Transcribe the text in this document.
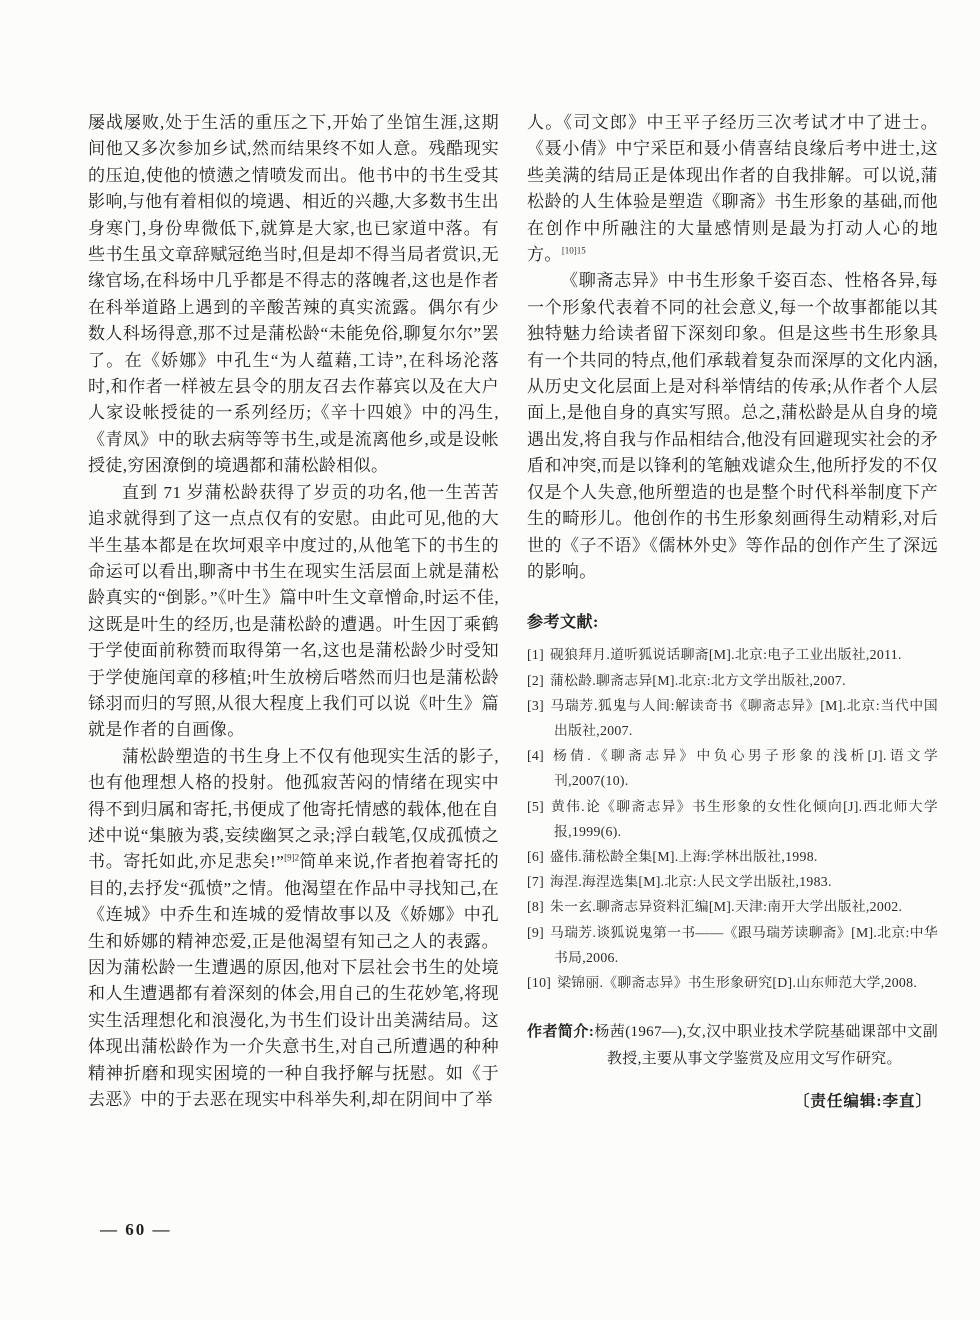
屡战屡败,处于生活的重压之下,开始了坐馆生涯,这期间他又多次参加乡试,然而结果终不如人意。残酷现实的压迫,使他的愤懑之情喷发而出。他书中的书生受其影响,与他有着相似的境遇、相近的兴趣,大多数书生出身寒门,身份卑微低下,就算是大家,也已家道中落。有些书生虽文章辞赋冠绝当时,但是却不得当局者赏识,无缘官场,在科场中几乎都是不得志的落魄者,这也是作者在科举道路上遇到的辛酸苦辣的真实流露。偶尔有少数人科场得意,那不过是蒲松龄“未能免俗,聊复尔尔”罢了。在《娇娜》中孔生“为人蕴藉,工诗”,在科场沦落时,和作者一样被左县令的朋友召去作幕宾以及在大户人家设帐授徒的一系列经历;《辛十四娘》中的冯生,《青凤》中的耿去病等等书生,或是流离他乡,或是设帐授徒,穷困潦倒的境遇都和蒲松龄相似。

直到 71 岁蒲松龄获得了岁贡的功名,他一生苦苦追求就得到了这一点点仅有的安慰。由此可见,他的大半生基本都是在坎坷艰辛中度过的,从他笔下的书生的命运可以看出,聊斋中书生在现实生活层面上就是蒲松龄真实的“倒影。”《叶生》篇中叶生文章憎命,时运不佳,这既是叶生的经历,也是蒲松龄的遭遇。叶生因丁乘鹤于学使面前称赞而取得第一名,这也是蒲松龄少时受知于学使施闰章的移植;叶生放榜后嗒然而归也是蒲松龄铩羽而归的写照,从很大程度上我们可以说《叶生》篇就是作者的自画像。

蒲松龄塑造的书生身上不仅有他现实生活的影子,也有他理想人格的投射。他孤寂苦闷的情绪在现实中得不到归属和寄托,书便成了他寄托情感的载体,他在自述中说“集腋为裘,妄续幽冥之录;浮白载笔,仅成孤愤之书。寄托如此,亦足悲矣!”$^{[9]2}$简单来说,作者抱着寄托的目的,去抒发“孤愤”之情。他渴望在作品中寻找知己,在《连城》中乔生和连城的爱情故事以及《娇娜》中孔生和娇娜的精神恋爱,正是他渴望有知己之人的表露。因为蒲松龄一生遭遇的原因,他对下层社会书生的处境和人生遭遇都有着深刻的体会,用自己的生花妙笔,将现实生活理想化和浪漫化,为书生们设计出美满结局。这体现出蒲松龄作为一介失意书生,对自己所遭遇的种种精神折磨和现实困境的一种自我抒解与抚慰。如《于去恶》中的于去恶在现实中科举失利,却在阴间中了举

人。《司文郎》中王平子经历三次考试才中了进士。《聂小倩》中宁采臣和聂小倩喜结良缘后考中进士,这些美满的结局正是体现出作者的自我排解。可以说,蒲松龄的人生体验是塑造《聊斋》书生形象的基础,而他在创作中所融注的大量感情则是最为打动人心的地方。$^{[10]15}$

《聊斋志异》中书生形象千姿百态、性格各异,每一个形象代表着不同的社会意义,每一个故事都能以其独特魅力给读者留下深刻印象。但是这些书生形象具有一个共同的特点,他们承载着复杂而深厚的文化内涵,从历史文化层面上是对科举情结的传承;从作者个人层面上,是他自身的真实写照。总之,蒲松龄是从自身的境遇出发,将自我与作品相结合,他没有回避现实社会的矛盾和冲突,而是以锋利的笔触戏谑众生,他所抒发的不仅仅是个人失意,他所塑造的也是整个时代科举制度下产生的畸形儿。他创作的书生形象刻画得生动精彩,对后世的《子不语》《儒林外史》等作品的创作产生了深远的影响。

参考文献:

[1] 砚狼拜月.道听狐说话聊斋[M].北京:电子工业出版社,2011.

[2] 蒲松龄.聊斋志异[M].北京:北方文学出版社,2007.

[3] 马瑞芳.狐鬼与人间:解读奇书《聊斋志异》[M].北京:当代中国出版社,2007.

[4] 杨倩.《聊斋志异》中负心男子形象的浅析[J].语文学刊,2007(10).

[5] 黄伟.论《聊斋志异》书生形象的女性化倾向[J].西北师大学报,1999(6).

[6] 盛伟.蒲松龄全集[M].上海:学林出版社,1998.

[7] 海涅.海涅选集[M].北京:人民文学出版社,1983.

[8] 朱一玄.聊斋志异资料汇编[M].天津:南开大学出版社,2002.

[9] 马瑞芳.谈狐说鬼第一书——《跟马瑞芳读聊斋》[M].北京:中华书局,2006.

[10] 梁锦丽.《聊斋志异》书生形象研究[D].山东师范大学,2008.

作者简介:杨茜(1967—),女,汉中职业技术学院基础课部中文副教授,主要从事文学鉴赏及应用文写作研究。
〔责任编辑:李直〕
— 60 —
